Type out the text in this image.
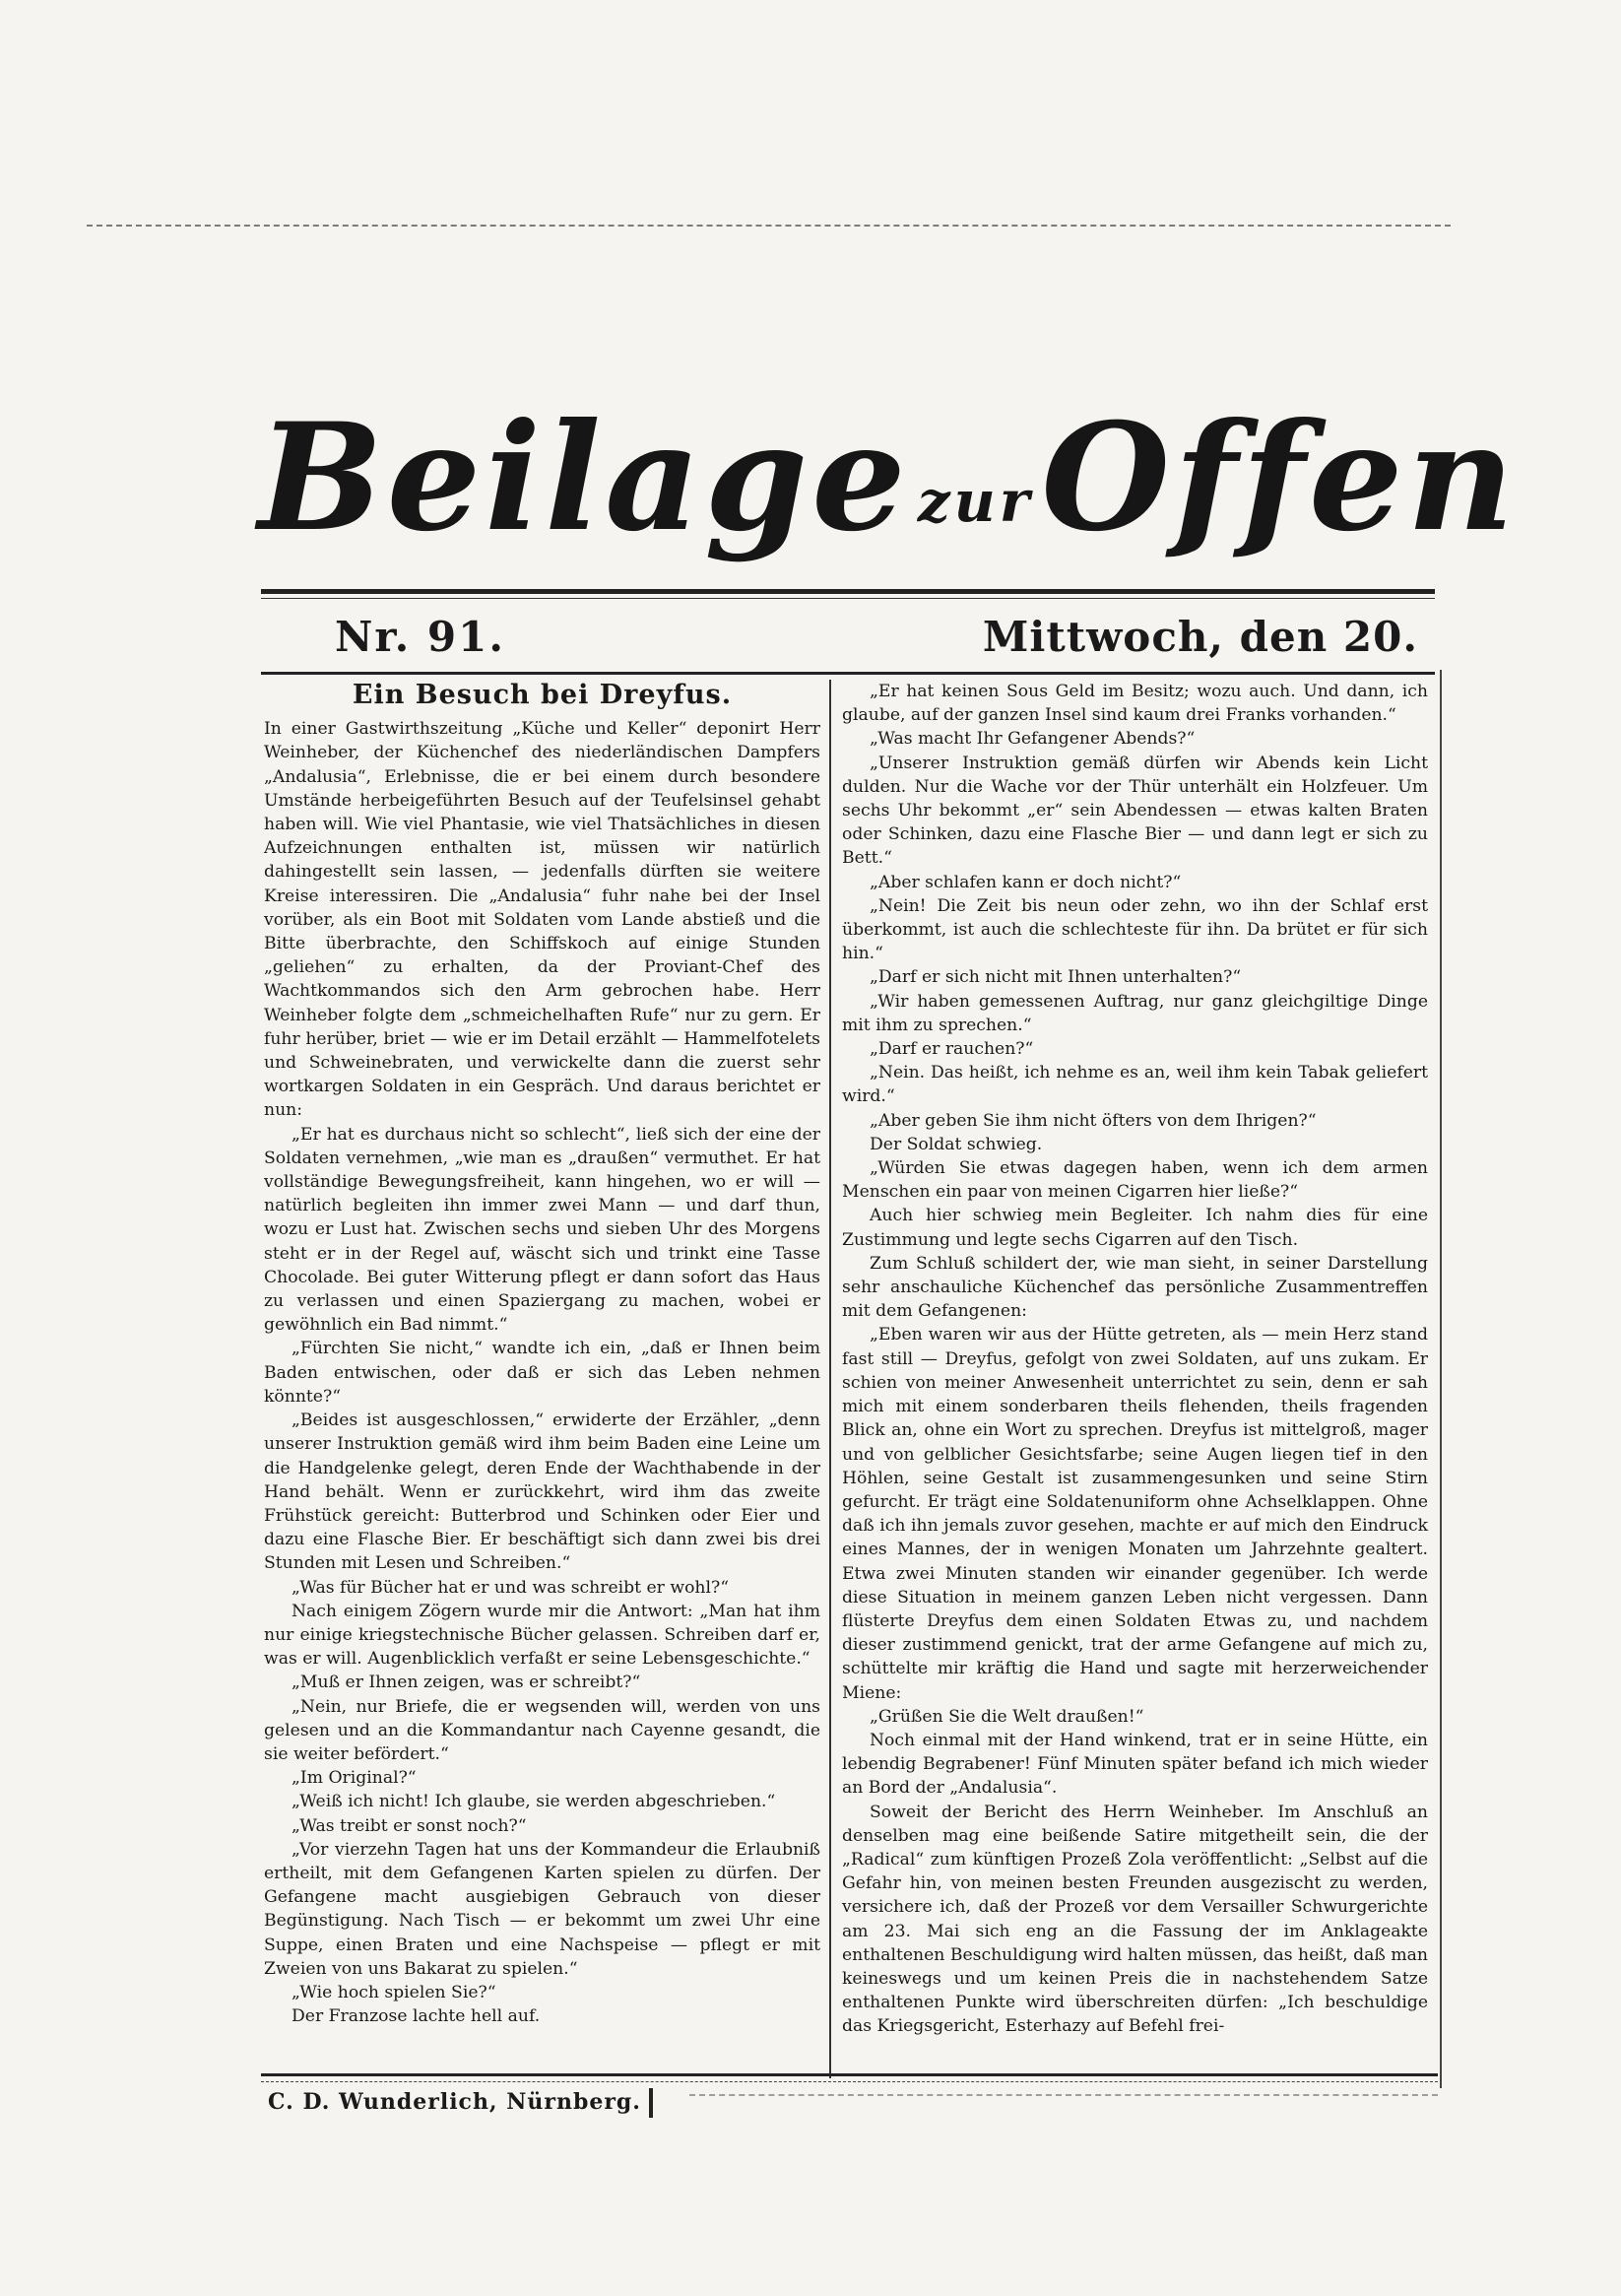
Beilage zurOffen
Nr. 91.	Mittwoch, den 20.
Ein Besuch bei Dreyfus.

In einer Gastwirthszeitung „Küche und Keller“ deponirt Herr Weinheber, der Küchenchef des niederländischen Dampfers „Andalusia“, Erlebnisse, die er bei einem durch besondere Umstände herbeigeführten Besuch auf der Teufelsinsel gehabt haben will. Wie viel Phantasie, wie viel Thatsächliches in diesen Aufzeichnungen enthalten ist, müssen wir natürlich dahingestellt sein lassen, — jedenfalls dürften sie weitere Kreise interessiren. Die „Andalusia“ fuhr nahe bei der Insel vorüber, als ein Boot mit Soldaten vom Lande abstieß und die Bitte überbrachte, den Schiffskoch auf einige Stunden „geliehen“ zu erhalten, da der Proviant-Chef des Wachtkommandos sich den Arm gebrochen habe. Herr Weinheber folgte dem „schmeichelhaften Rufe“ nur zu gern. Er fuhr herüber, briet — wie er im Detail erzählt — Hammelfotelets und Schweinebraten, und verwickelte dann die zuerst sehr wortkargen Soldaten in ein Gespräch. Und daraus berichtet er nun:

„Er hat es durchaus nicht so schlecht“, ließ sich der eine der Soldaten vernehmen, „wie man es „draußen“ vermuthet. Er hat vollständige Bewegungsfreiheit, kann hingehen, wo er will — natürlich begleiten ihn immer zwei Mann — und darf thun, wozu er Lust hat. Zwischen sechs und sieben Uhr des Morgens steht er in der Regel auf, wäscht sich und trinkt eine Tasse Chocolade. Bei guter Witterung pflegt er dann sofort das Haus zu verlassen und einen Spaziergang zu machen, wobei er gewöhnlich ein Bad nimmt.“

„Fürchten Sie nicht,“ wandte ich ein, „daß er Ihnen beim Baden entwischen, oder daß er sich das Leben nehmen könnte?“

„Beides ist ausgeschlossen,“ erwiderte der Erzähler, „denn unserer Instruktion gemäß wird ihm beim Baden eine Leine um die Handgelenke gelegt, deren Ende der Wachthabende in der Hand behält. Wenn er zurückkehrt, wird ihm das zweite Frühstück gereicht: Butterbrod und Schinken oder Eier und dazu eine Flasche Bier. Er beschäftigt sich dann zwei bis drei Stunden mit Lesen und Schreiben.“

„Was für Bücher hat er und was schreibt er wohl?“

Nach einigem Zögern wurde mir die Antwort: „Man hat ihm nur einige kriegstechnische Bücher gelassen. Schreiben darf er, was er will. Augenblicklich verfaßt er seine Lebensgeschichte.“

„Muß er Ihnen zeigen, was er schreibt?“

„Nein, nur Briefe, die er wegsenden will, werden von uns gelesen und an die Kommandantur nach Cayenne gesandt, die sie weiter befördert.“

„Im Original?“

„Weiß ich nicht! Ich glaube, sie werden abgeschrieben.“

„Was treibt er sonst noch?“

„Vor vierzehn Tagen hat uns der Kommandeur die Erlaubniß ertheilt, mit dem Gefangenen Karten spielen zu dürfen. Der Gefangene macht ausgiebigen Gebrauch von dieser Begünstigung. Nach Tisch — er bekommt um zwei Uhr eine Suppe, einen Braten und eine Nachspeise — pflegt er mit Zweien von uns Bakarat zu spielen.“

„Wie hoch spielen Sie?“

Der Franzose lachte hell auf.

„Er hat keinen Sous Geld im Besitz; wozu auch. Und dann, ich glaube, auf der ganzen Insel sind kaum drei Franks vorhanden.“

„Was macht Ihr Gefangener Abends?“

„Unserer Instruktion gemäß dürfen wir Abends kein Licht dulden. Nur die Wache vor der Thür unterhält ein Holzfeuer. Um sechs Uhr bekommt „er“ sein Abendessen — etwas kalten Braten oder Schinken, dazu eine Flasche Bier — und dann legt er sich zu Bett.“

„Aber schlafen kann er doch nicht?“

„Nein! Die Zeit bis neun oder zehn, wo ihn der Schlaf erst überkommt, ist auch die schlechteste für ihn. Da brütet er für sich hin.“

„Darf er sich nicht mit Ihnen unterhalten?“

„Wir haben gemessenen Auftrag, nur ganz gleichgiltige Dinge mit ihm zu sprechen.“

„Darf er rauchen?“

„Nein. Das heißt, ich nehme es an, weil ihm kein Tabak geliefert wird.“

„Aber geben Sie ihm nicht öfters von dem Ihrigen?“

Der Soldat schwieg.

„Würden Sie etwas dagegen haben, wenn ich dem armen Menschen ein paar von meinen Cigarren hier ließe?“

Auch hier schwieg mein Begleiter. Ich nahm dies für eine Zustimmung und legte sechs Cigarren auf den Tisch.

Zum Schluß schildert der, wie man sieht, in seiner Darstellung sehr anschauliche Küchenchef das persönliche Zusammentreffen mit dem Gefangenen:

„Eben waren wir aus der Hütte getreten, als — mein Herz stand fast still — Dreyfus, gefolgt von zwei Soldaten, auf uns zukam. Er schien von meiner Anwesenheit unterrichtet zu sein, denn er sah mich mit einem sonderbaren theils flehenden, theils fragenden Blick an, ohne ein Wort zu sprechen. Dreyfus ist mittelgroß, mager und von gelblicher Gesichtsfarbe; seine Augen liegen tief in den Höhlen, seine Gestalt ist zusammengesunken und seine Stirn gefurcht. Er trägt eine Soldatenuniform ohne Achselklappen. Ohne daß ich ihn jemals zuvor gesehen, machte er auf mich den Eindruck eines Mannes, der in wenigen Monaten um Jahrzehnte gealtert. Etwa zwei Minuten standen wir einander gegenüber. Ich werde diese Situation in meinem ganzen Leben nicht vergessen. Dann flüsterte Dreyfus dem einen Soldaten Etwas zu, und nachdem dieser zustimmend genickt, trat der arme Gefangene auf mich zu, schüttelte mir kräftig die Hand und sagte mit herzerweichender Miene:

„Grüßen Sie die Welt draußen!“

Noch einmal mit der Hand winkend, trat er in seine Hütte, ein lebendig Begrabener! Fünf Minuten später befand ich mich wieder an Bord der „Andalusia“.

Soweit der Bericht des Herrn Weinheber. Im Anschluß an denselben mag eine beißende Satire mitgetheilt sein, die der „Radical“ zum künftigen Prozeß Zola veröffentlicht: „Selbst auf die Gefahr hin, von meinen besten Freunden ausgezischt zu werden, versichere ich, daß der Prozeß vor dem Versailler Schwurgerichte am 23. Mai sich eng an die Fassung der im Anklageakte enthaltenen Beschuldigung wird halten müssen, das heißt, daß man keineswegs und um keinen Preis die in nachstehendem Satze enthaltenen Punkte wird überschreiten dürfen: „Ich beschuldige das Kriegsgericht, Esterhazy auf Befehl frei-

C. D. Wunderlich, Nürnberg.
